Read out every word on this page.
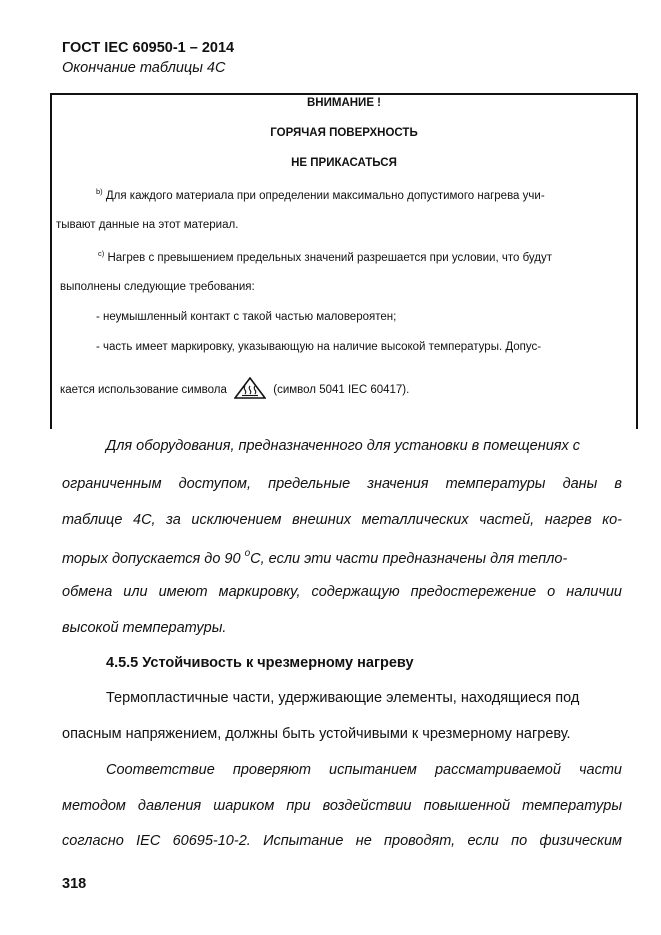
ГОСТ IEC 60950-1 – 2014
Окончание таблицы 4С
ВНИМАНИЕ !
ГОРЯЧАЯ ПОВЕРХНОСТЬ
НЕ ПРИКАСАТЬСЯ
$^{b)}$ Для каждого материала при определении максимально допустимого нагрева учи-
тывают данные на этот материал.
$^{c)}$ Нагрев с превышением предельных значений разрешается при условии, что будут
выполнены следующие требования:
- неумышленный контакт с такой частью маловероятен;
- часть имеет маркировку, указывающую на наличие высокой температуры. Допус-
кается использование символа	(символ 5041 IEC 60417).
Для оборудования, предназначенного для установки в помещениях с
ограниченным доступом, предельные значения температуры даны в
таблице 4С, за исключением внешних металлических частей, нагрев ко-
торых допускается до 90 $^o$C, если эти части предназначены для тепло-
обмена или имеют маркировку, содержащую предостережение о наличии
высокой температуры.
4.5.5 Устойчивость к чрезмерному нагреву
Термопластичные части, удерживающие элементы, находящиеся под
опасным напряжением, должны быть устойчивыми к чрезмерному нагреву.
Соответствие проверяют испытанием рассматриваемой части
методом давления шариком при воздействии повышенной температуры
согласно IEC 60695-10-2. Испытание не проводят, если по физическим
318
